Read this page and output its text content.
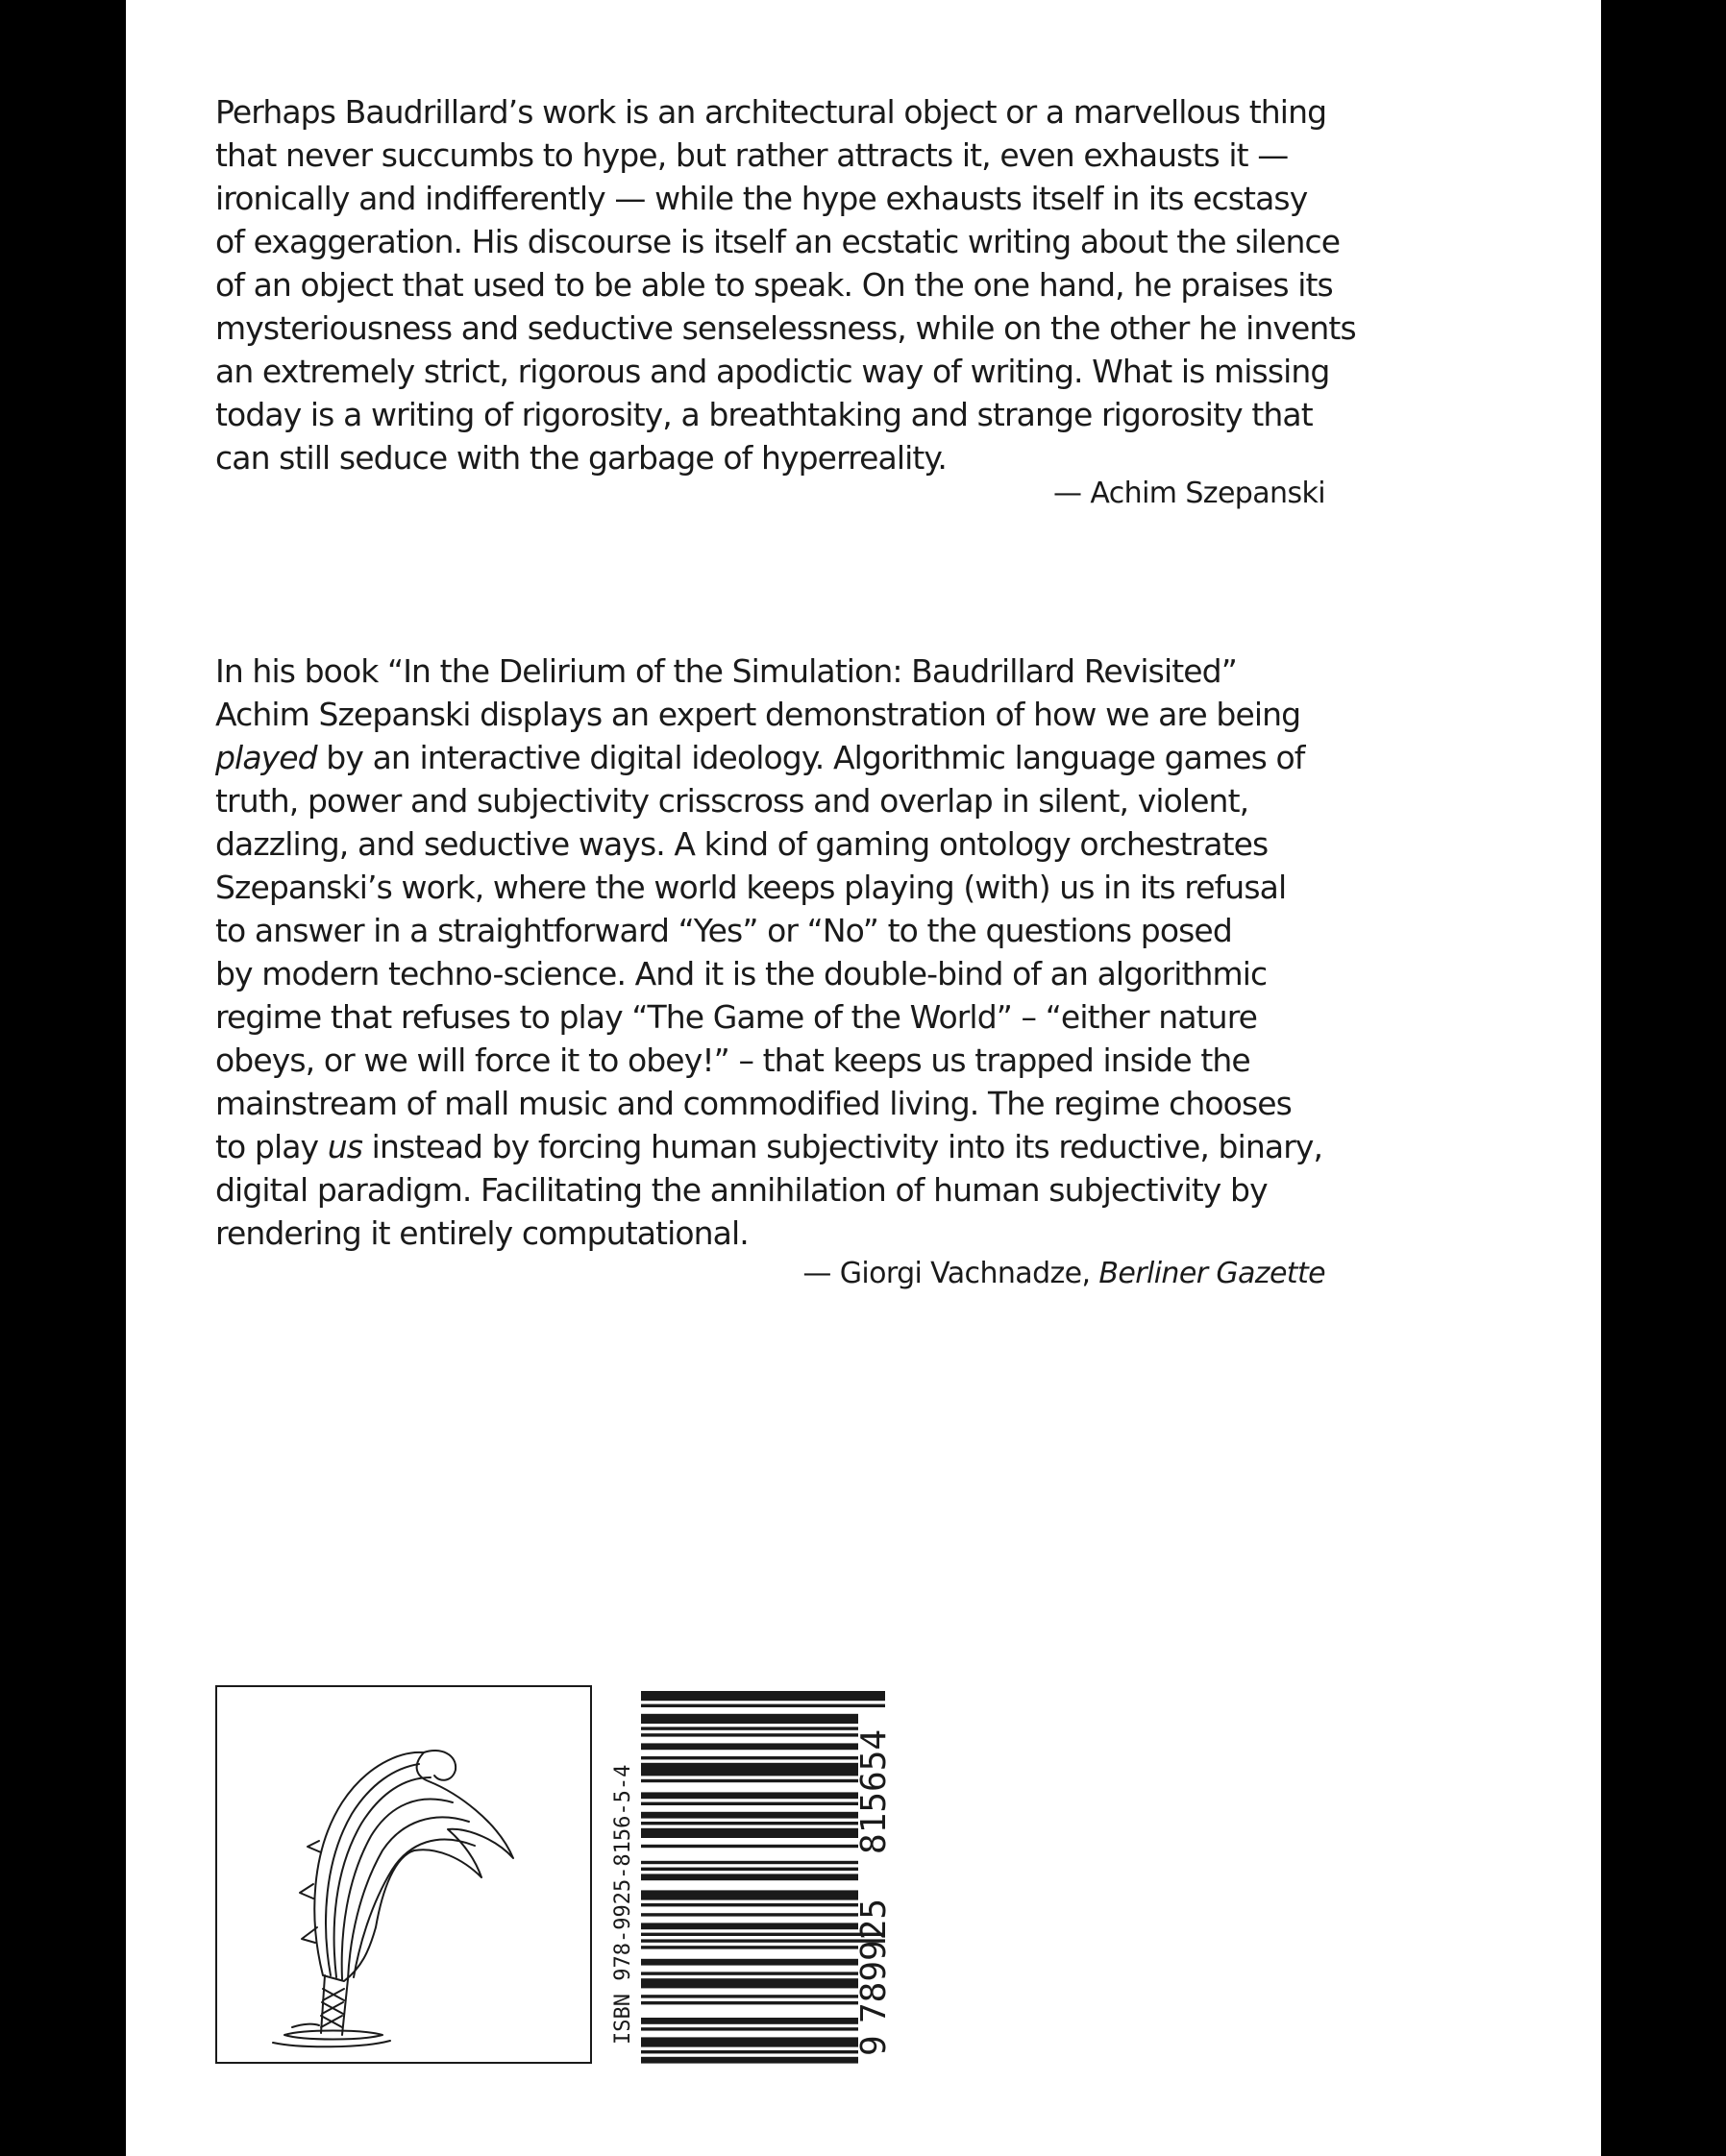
Perhaps Baudrillard’s work is an architectural object or a marvellous thing
that never succumbs to hype, but rather attracts it, even exhausts it —
ironically and indifferently — while the hype exhausts itself in its ecstasy
of exaggeration. His discourse is itself an ecstatic writing about the silence
of an object that used to be able to speak. On the one hand, he praises its
mysteriousness and seductive senselessness, while on the other he invents
an extremely strict, rigorous and apodictic way of writing. What is missing
today is a writing of rigorosity, a breathtaking and strange rigorosity that
can still seduce with the garbage of hyperreality.
— Achim Szepanski
In his book “In the Delirium of the Simulation: Baudrillard Revisited”
Achim Szepanski displays an expert demonstration of how we are being
played by an interactive digital ideology. Algorithmic language games of
truth, power and subjectivity crisscross and overlap in silent, violent,
dazzling, and seductive ways. A kind of gaming ontology orchestrates
Szepanski’s work, where the world keeps playing (with) us in its refusal
to answer in a straightforward “Yes” or “No” to the questions posed
by modern techno-science. And it is the double-bind of an algorithmic
regime that refuses to play “The Game of the World” – “either nature
obeys, or we will force it to obey!” – that keeps us trapped inside the
mainstream of mall music and commodified living. The regime chooses
to play us instead by forcing human subjectivity into its reductive, binary,
digital paradigm. Facilitating the annihilation of human subjectivity by
rendering it entirely computational.
— Giorgi Vachnadze, Berliner Gazette
ISBN 978-9925-8156-5-4
9
789925
815654
